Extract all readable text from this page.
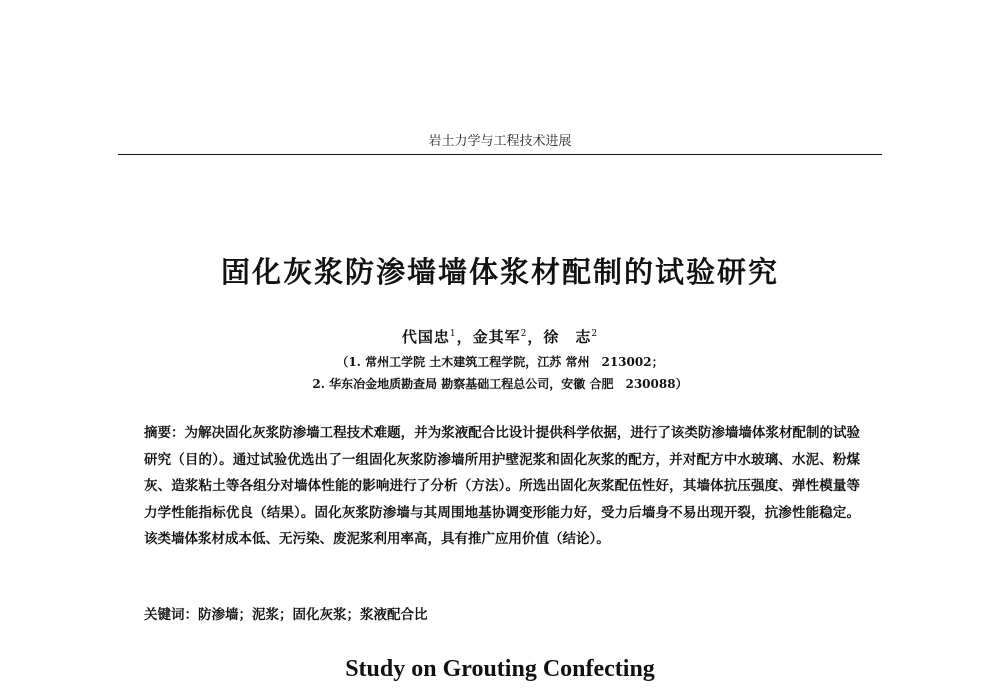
岩土力学与工程技术进展
固化灰浆防渗墙墙体浆材配制的试验研究
代国忠$^1$，金其军$^2$，徐　志$^2$
（1. 常州工学院 土木建筑工程学院，江苏 常州　213002；
2. 华东冶金地质勘查局 勘察基础工程总公司，安徽 合肥　230088）
摘要：为解决固化灰浆防渗墙工程技术难题，并为浆液配合比设计提供科学依据，进行了该类防渗墙墙体浆材配制的试验研究（目的）。通过试验优选出了一组固化灰浆防渗墙所用护壁泥浆和固化灰浆的配方，并对配方中水玻璃、水泥、粉煤灰、造浆粘土等各组分对墙体性能的影响进行了分析（方法）。所选出固化灰浆配伍性好，其墙体抗压强度、弹性模量等力学性能指标优良（结果）。固化灰浆防渗墙与其周围地基协调变形能力好，受力后墙身不易出现开裂，抗渗性能稳定。该类墙体浆材成本低、无污染、废泥浆利用率高，具有推广应用价值（结论）。
关键词：防渗墙；泥浆；固化灰浆；浆液配合比
Study on Grouting Confecting
